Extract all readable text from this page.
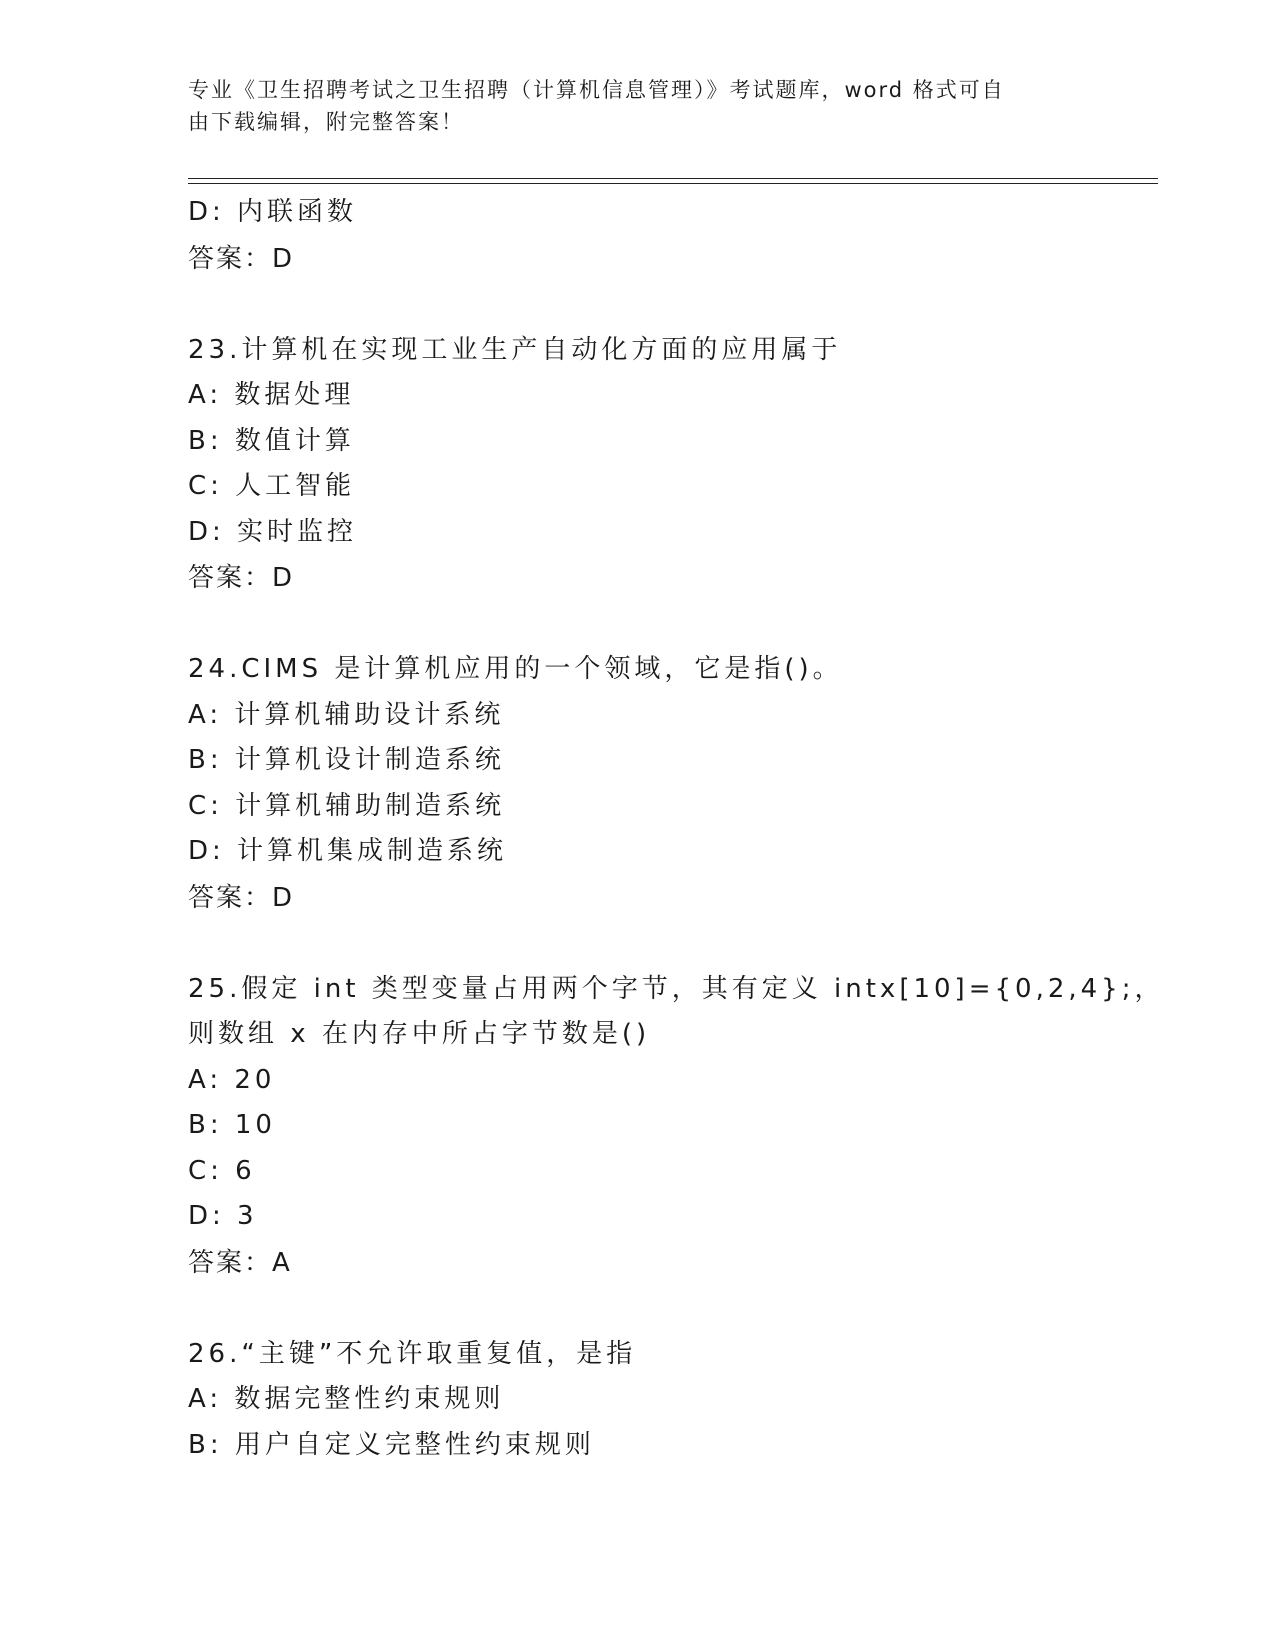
专业《卫生招聘考试之卫生招聘（计算机信息管理）》考试题库，word 格式可自
由下载编辑，附完整答案！
D: 内联函数
答案：D
23.计算机在实现工业生产自动化方面的应用属于
A: 数据处理
B: 数值计算
C: 人工智能
D: 实时监控
答案：D
24.CIMS 是计算机应用的一个领域，它是指()。
A: 计算机辅助设计系统
B: 计算机设计制造系统
C: 计算机辅助制造系统
D: 计算机集成制造系统
答案：D
25.假定 int 类型变量占用两个字节，其有定义 intx[10]={0,2,4};，
则数组 x 在内存中所占字节数是()
A: 20
B: 10
C: 6
D: 3
答案：A
26.“主键”不允许取重复值，是指
A: 数据完整性约束规则
B: 用户自定义完整性约束规则
